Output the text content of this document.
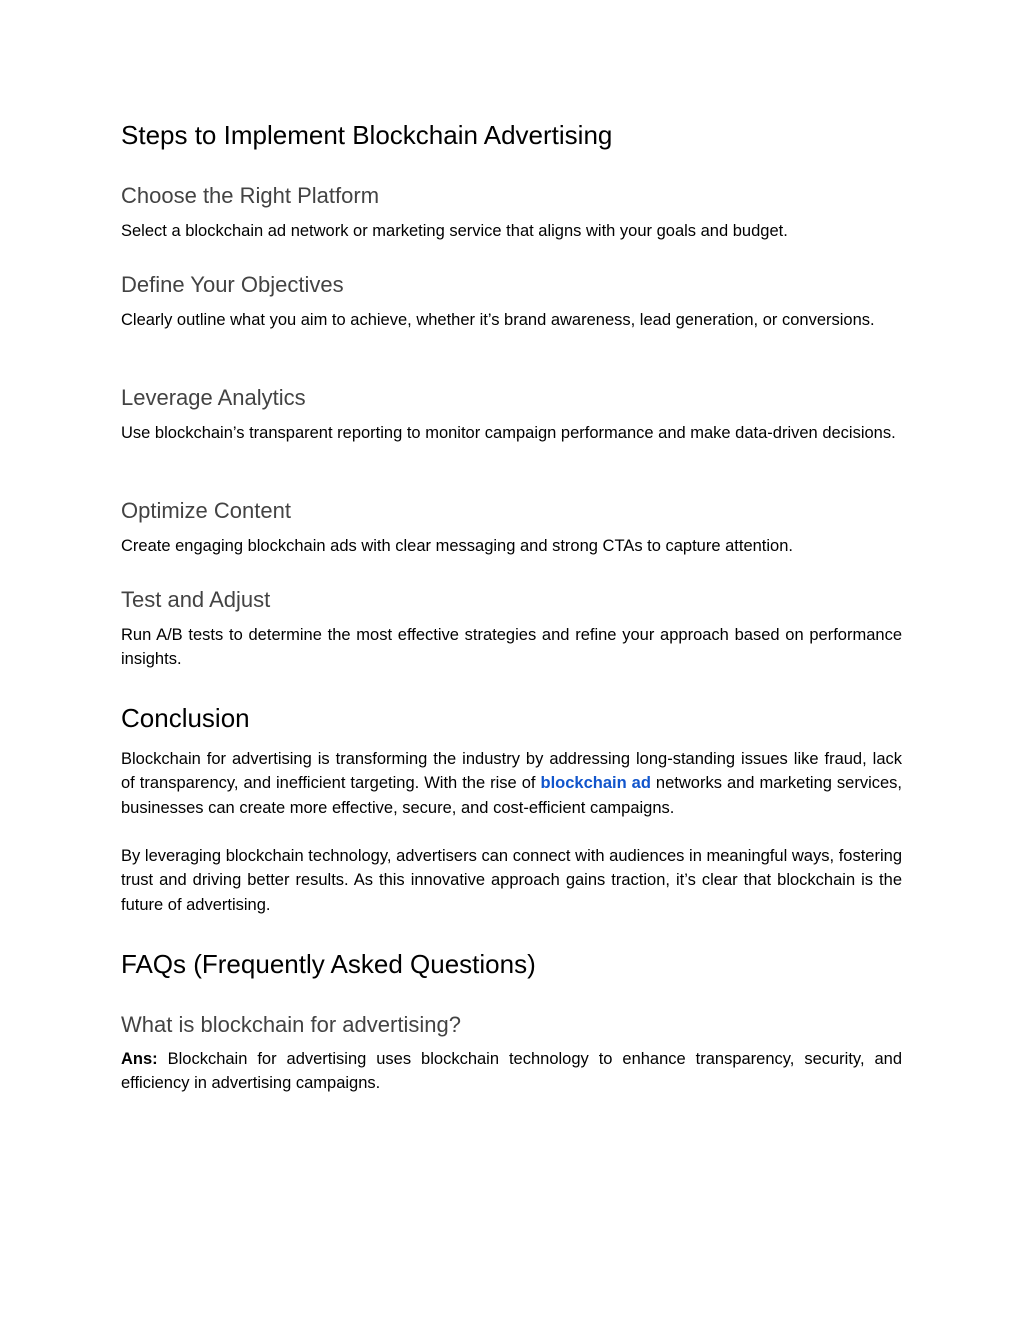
Steps to Implement Blockchain Advertising
Choose the Right Platform

Select a blockchain ad network or marketing service that aligns with your goals and budget.

Define Your Objectives

Clearly outline what you aim to achieve, whether it’s brand awareness, lead generation, or conversions.

Leverage Analytics

Use blockchain’s transparent reporting to monitor campaign performance and make data-driven decisions.

Optimize Content

Create engaging blockchain ads with clear messaging and strong CTAs to capture attention.

Test and Adjust

Run A/B tests to determine the most effective strategies and refine your approach based on performance insights.

Conclusion

Blockchain for advertising is transforming the industry by addressing long-standing issues like fraud, lack of transparency, and inefficient targeting. With the rise of blockchain ad networks and marketing services, businesses can create more effective, secure, and cost-efficient campaigns.

By leveraging blockchain technology, advertisers can connect with audiences in meaningful ways, fostering trust and driving better results. As this innovative approach gains traction, it’s clear that blockchain is the future of advertising.

FAQs (Frequently Asked Questions)
What is blockchain for advertising?

Ans: Blockchain for advertising uses blockchain technology to enhance transparency, security, and efficiency in advertising campaigns.
